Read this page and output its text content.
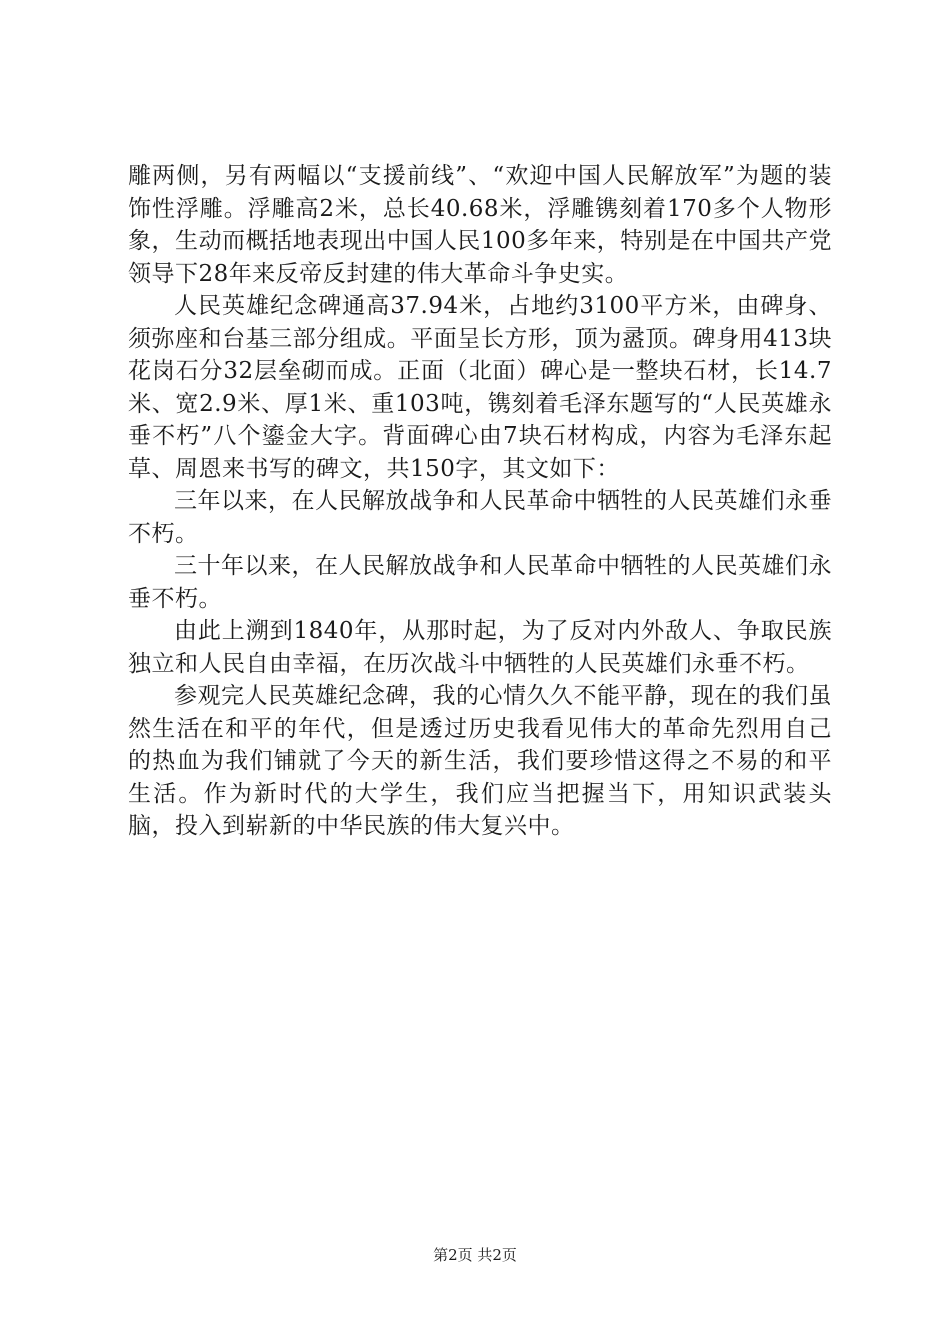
雕两侧，另有两幅以“支援前线”、“欢迎中国人民解放军”为题的装饰性浮雕。浮雕高2米，总长40.68米，浮雕镌刻着170多个人物形象，生动而概括地表现出中国人民100多年来，特别是在中国共产党领导下28年来反帝反封建的伟大革命斗争史实。

人民英雄纪念碑通高37.94米，占地约3100平方米，由碑身、须弥座和台基三部分组成。平面呈长方形，顶为盝顶。碑身用413块花岗石分32层垒砌而成。正面（北面）碑心是一整块石材，长14.7米、宽2.9米、厚1米、重103吨，镌刻着毛泽东题写的“人民英雄永垂不朽”八个鎏金大字。背面碑心由7块石材构成，内容为毛泽东起草、周恩来书写的碑文，共150字，其文如下：

三年以来，在人民解放战争和人民革命中牺牲的人民英雄们永垂不朽。

三十年以来，在人民解放战争和人民革命中牺牲的人民英雄们永垂不朽。

由此上溯到1840年，从那时起，为了反对内外敌人、争取民族独立和人民自由幸福，在历次战斗中牺牲的人民英雄们永垂不朽。

参观完人民英雄纪念碑，我的心情久久不能平静，现在的我们虽然生活在和平的年代，但是透过历史我看见伟大的革命先烈用自己的热血为我们铺就了今天的新生活，我们要珍惜这得之不易的和平生活。作为新时代的大学生，我们应当把握当下，用知识武装头脑，投入到崭新的中华民族的伟大复兴中。

第2页 共2页
